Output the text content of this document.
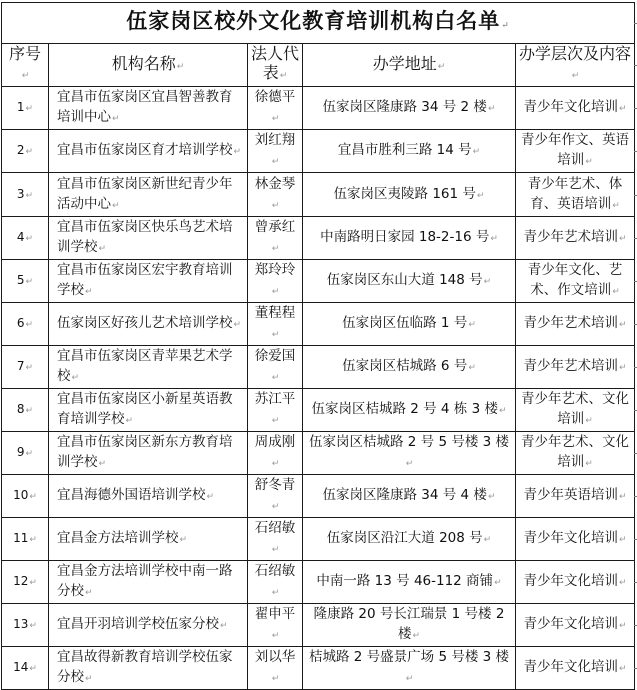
伍家岗区校外文化教育培训机构白名单↵				
序号↵	机构名称↵	法人代表↵	办学地址↵	办学层次及内容↵
1↵	宜昌市伍家岗区宜昌智善教育培训中心↵	徐德平↵	伍家岗区隆康路 34 号 2 楼↵	青少年文化培训↵
2↵	宜昌市伍家岗区育才培训学校↵	刘红翔↵	宜昌市胜利三路 14 号↵	青少年作文、英语培训↵
3↵	宜昌市伍家岗区新世纪青少年活动中心↵	林金琴↵	伍家岗区夷陵路 161 号↵	青少年艺术、体育、英语培训↵
4↵	宜昌市伍家岗区快乐鸟艺术培训学校↵	曾承红↵	中南路明日家园 18-2-16 号↵	青少年艺术培训↵
5↵	宜昌市伍家岗区宏宇教育培训学校↵	郑玲玲↵	伍家岗区东山大道 148 号↵	青少年文化、艺术、作文培训↵
6↵	伍家岗区好孩儿艺术培训学校↵	董程程↵	伍家岗区伍临路 1 号↵	青少年艺术培训↵
7↵	宜昌市伍家岗区青苹果艺术学校↵	徐爱国↵	伍家岗区桔城路 6 号↵	青少年艺术培训↵
8↵	宜昌市伍家岗区小新星英语教育培训学校↵	苏江平↵	伍家岗区桔城路 2 号 4 栋 3 楼↵	青少年艺术、文化培训↵
9↵	宜昌市伍家岗区新东方教育培训学校↵	周成刚↵	伍家岗区桔城路 2 号 5 号楼 3 楼↵	青少年艺术、文化培训↵
10↵	宜昌海德外国语培训学校↵	舒冬青↵	伍家岗区隆康路 34 号 4 楼↵	青少年英语培训↵
11↵	宜昌金方法培训学校↵	石绍敏↵	伍家岗区沿江大道 208 号↵	青少年文化培训↵
12↵	宜昌金方法培训学校中南一路分校↵	石绍敏↵	中南一路 13 号 46-112 商铺↵	青少年文化培训↵
13↵	宜昌开羽培训学校伍家分校↵	翟申平↵	隆康路 20 号长江瑞景 1 号楼 2 楼↵	青少年文化培训↵
14↵	宜昌故得新教育培训学校伍家分校↵	刘以华↵	桔城路 2 号盛景广场 5 号楼 3 楼↵	青少年文化培训↵
